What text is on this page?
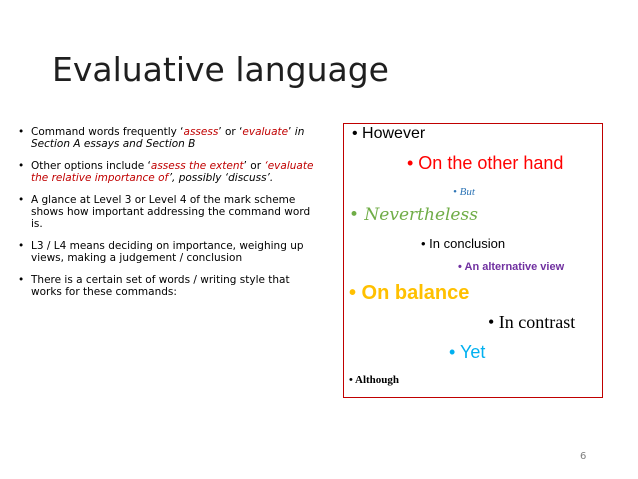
Evaluative language
• Command words frequently ‘assess’ or ‘evaluate’ in Section A essays and Section B
• Other options include ‘assess the extent’ or ‘evaluate the relative importance of’, possibly ‘discuss’.
• A glance at Level 3 or Level 4 of the mark scheme shows how important addressing the command word is.
• L3 / L4 means deciding on importance, weighing up views, making a judgement / conclusion
• There is a certain set of words / writing style that works for these commands:
• However
• On the other hand
• But
• Nevertheless
• In conclusion
• An alternative view
• On balance
• In contrast
• Yet
• Although
6
